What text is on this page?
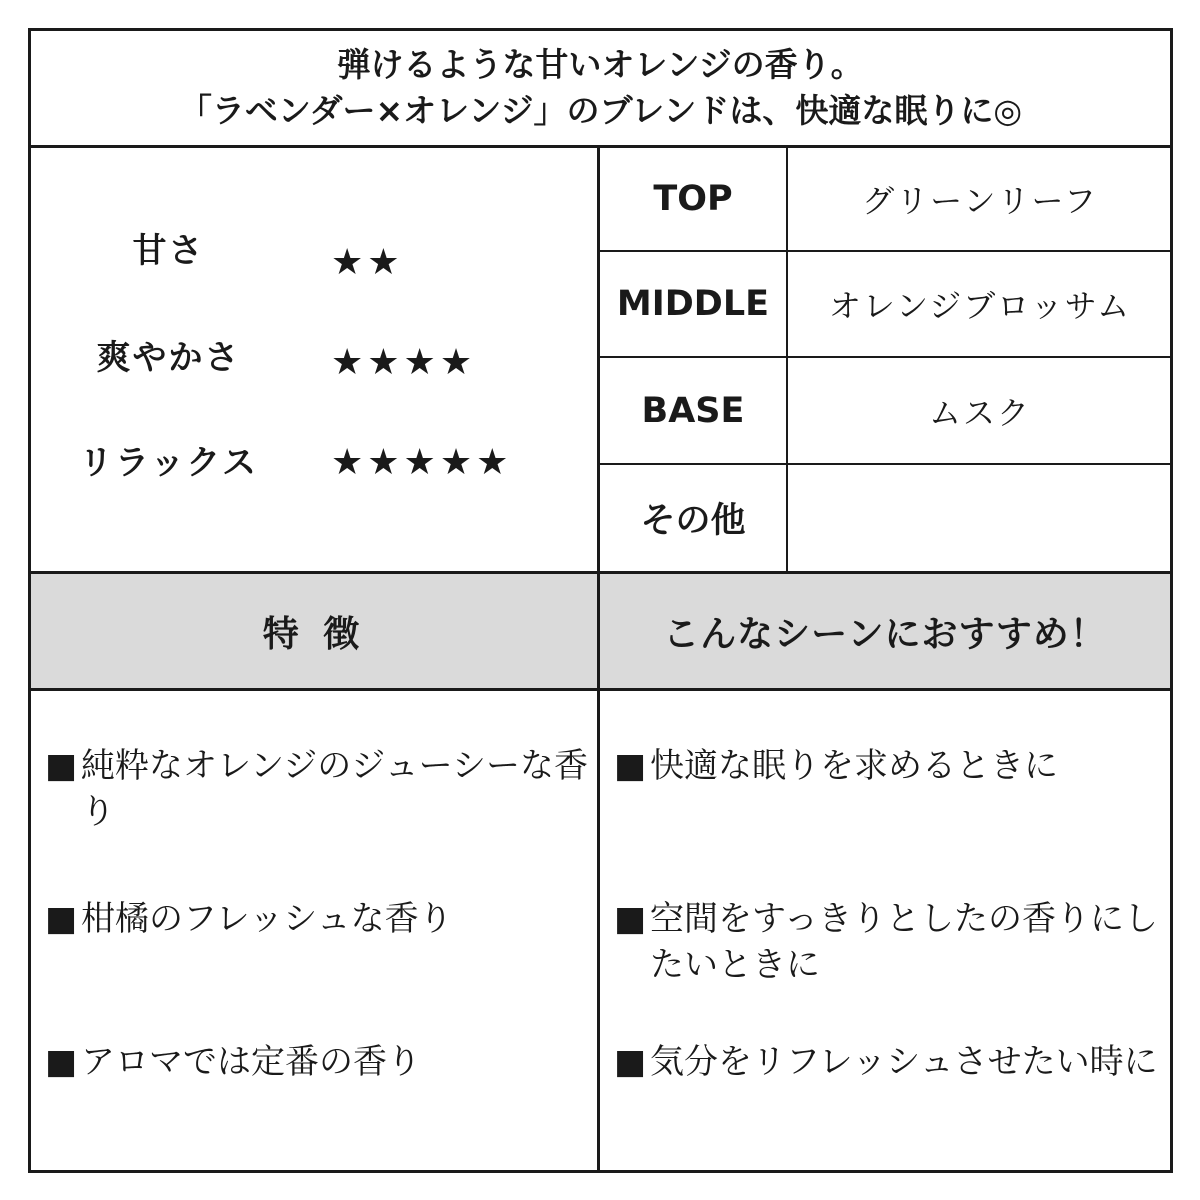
弾けるような甘いオレンジの香り。
「ラベンダー×オレンジ」のブレンドは、快適な眠りに◎
甘さ	★★
爽やかさ	★★★★
リラックス	★★★★★
TOP	グリーンリーフ
MIDDLE	オレンジブロッサム
BASE	ムスク
その他
特 徴	こんなシーンにおすすめ！
■ 純粋なオレンジのジューシーな香り
■ 柑橘のフレッシュな香り
■ アロマでは定番の香り
■ 快適な眠りを求めるときに
■ 空間をすっきりとしたの香りにしたいときに
■ 気分をリフレッシュさせたい時に
